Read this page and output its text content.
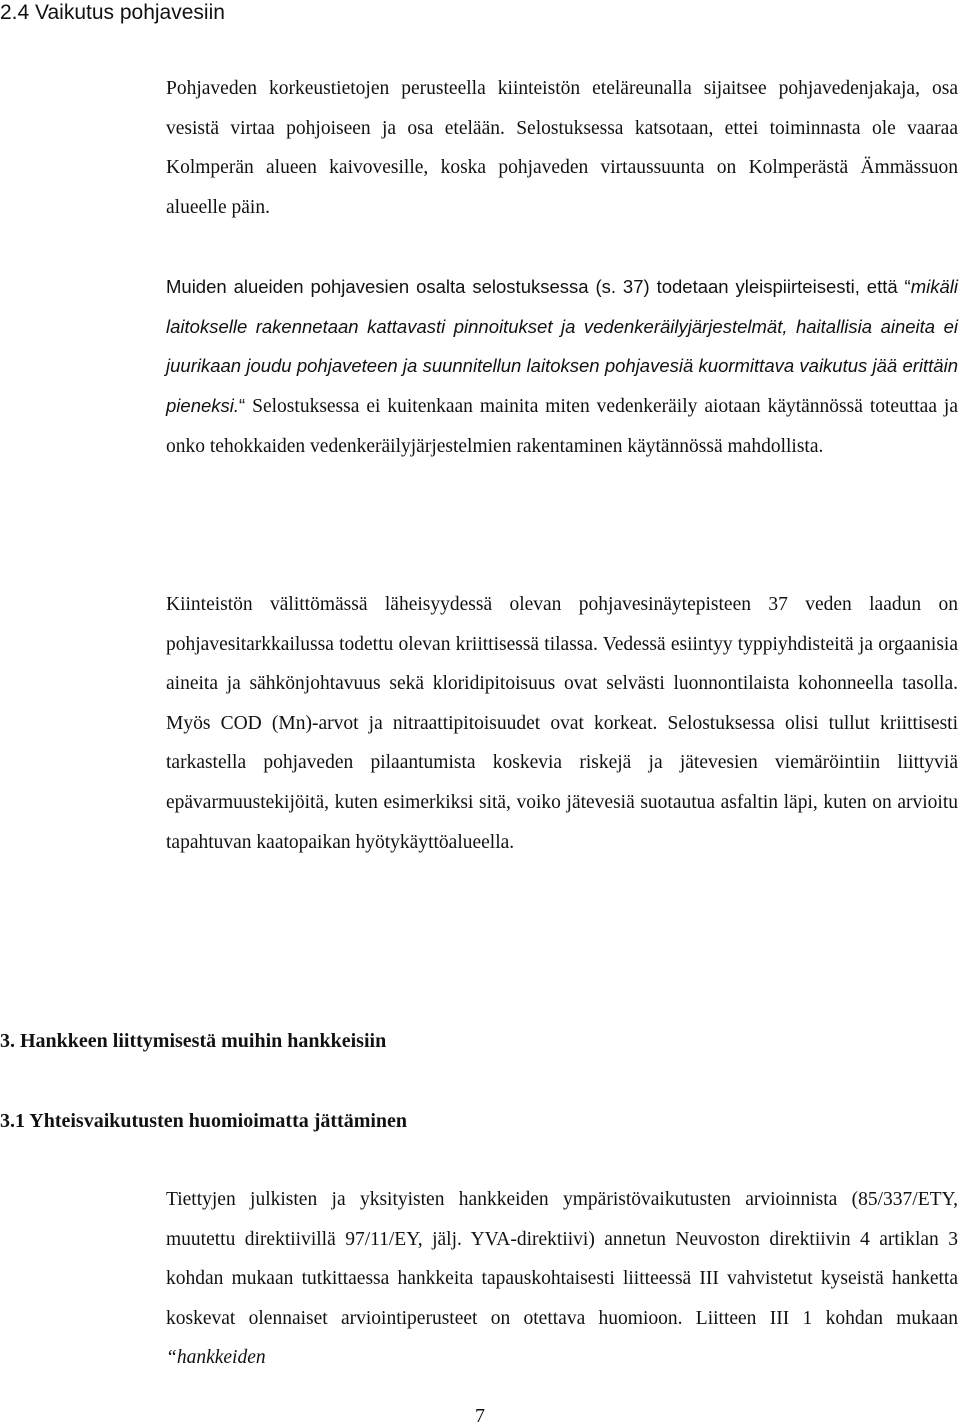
2.4 Vaikutus pohjavesiin

Pohjaveden korkeustietojen perusteella kiinteistön eteläreunalla sijaitsee pohjavedenjakaja, osa vesistä virtaa pohjoiseen ja osa etelään. Selostuksessa katsotaan, ettei toiminnasta ole vaaraa Kolmperän alueen kaivovesille, koska pohjaveden virtaussuunta on Kolmperästä Ämmässuon alueelle päin.

Muiden alueiden pohjavesien osalta selostuksessa (s. 37) todetaan yleispiirteisesti, että “mikäli laitokselle rakennetaan kattavasti pinnoitukset ja vedenkeräilyjärjestelmät, haitallisia aineita ei juurikaan joudu pohjaveteen ja suunnitellun laitoksen pohjavesiä kuormittava vaikutus jää erittäin pieneksi.“ Selostuksessa ei kuitenkaan mainita miten vedenkeräily aiotaan käytännössä toteuttaa ja onko tehokkaiden vedenkeräilyjärjestelmien rakentaminen käytännössä mahdollista.

Kiinteistön välittömässä läheisyydessä olevan pohjavesinäytepisteen 37 veden laadun on pohjavesitarkkailussa todettu olevan kriittisessä tilassa. Vedessä esiintyy typpiyhdisteitä ja orgaanisia aineita ja sähkönjohtavuus sekä kloridipitoisuus ovat selvästi luonnontilaista kohonneella tasolla. Myös COD (Mn)-arvot ja nitraattipitoisuudet ovat korkeat. Selostuksessa olisi tullut kriittisesti tarkastella pohjaveden pilaantumista koskevia riskejä ja jätevesien viemäröintiin liittyviä epävarmuustekijöitä, kuten esimerkiksi sitä, voiko jätevesiä suotautua asfaltin läpi, kuten on arvioitu tapahtuvan kaatopaikan hyötykäyttöalueella.

3. Hankkeen liittymisestä muihin hankkeisiin
3.1 Yhteisvaikutusten huomioimatta jättäminen

Tiettyjen julkisten ja yksityisten hankkeiden ympäristövaikutusten arvioinnista (85/337/ETY, muutettu direktiivillä 97/11/EY, jälj. YVA-direktiivi) annetun Neuvoston direktiivin 4 artiklan 3 kohdan mukaan tutkittaessa hankkeita tapauskohtaisesti liitteessä III vahvistetut kyseistä hanketta koskevat olennaiset arviointiperusteet on otettava huomioon. Liitteen III 1 kohdan mukaan “hankkeiden

7
